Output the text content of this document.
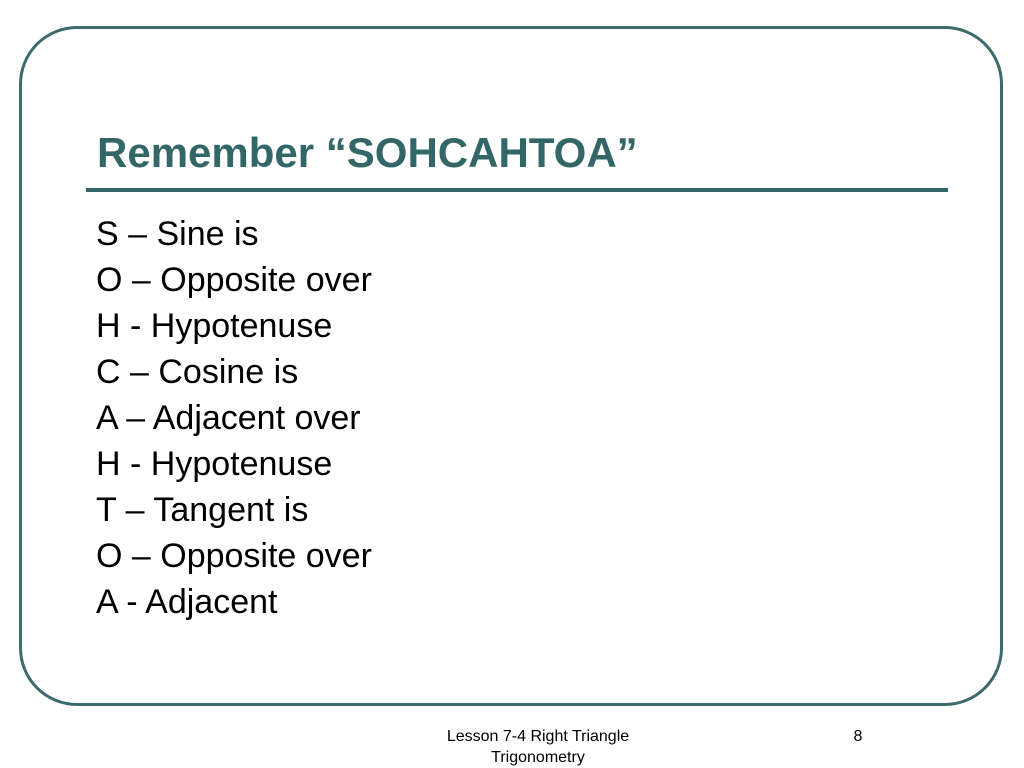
Remember “SOHCAHTOA”
S – Sine is
O – Opposite over
H - Hypotenuse
C – Cosine is
A – Adjacent over
H - Hypotenuse
T – Tangent is
O – Opposite over
A - Adjacent
Lesson 7-4 Right Triangle
Trigonometry
8
